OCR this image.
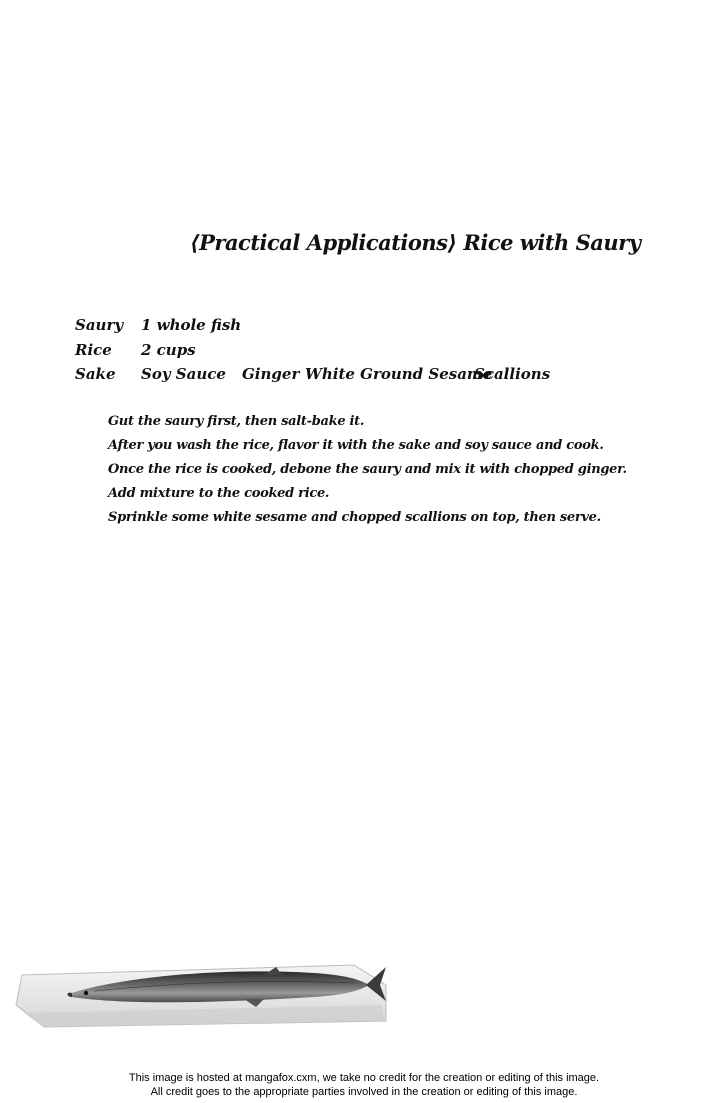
⟨Practical Applications⟩ Rice with Saury
Saury 1 whole fish
Rice 2 cups
Sake Soy Sauce Ginger White Ground Sesame
Scallions
Gut the saury first, then salt-bake it.
After you wash the rice, flavor it with the sake and soy sauce and cook.
Once the rice is cooked, debone the saury and mix it with chopped ginger.
Add mixture to the cooked rice.
Sprinkle some white sesame and chopped scallions on top, then serve.
This image is hosted at mangafox.cxm, we take no credit for the creation or editing of this image.
All credit goes to the appropriate parties involved in the creation or editing of this image.
